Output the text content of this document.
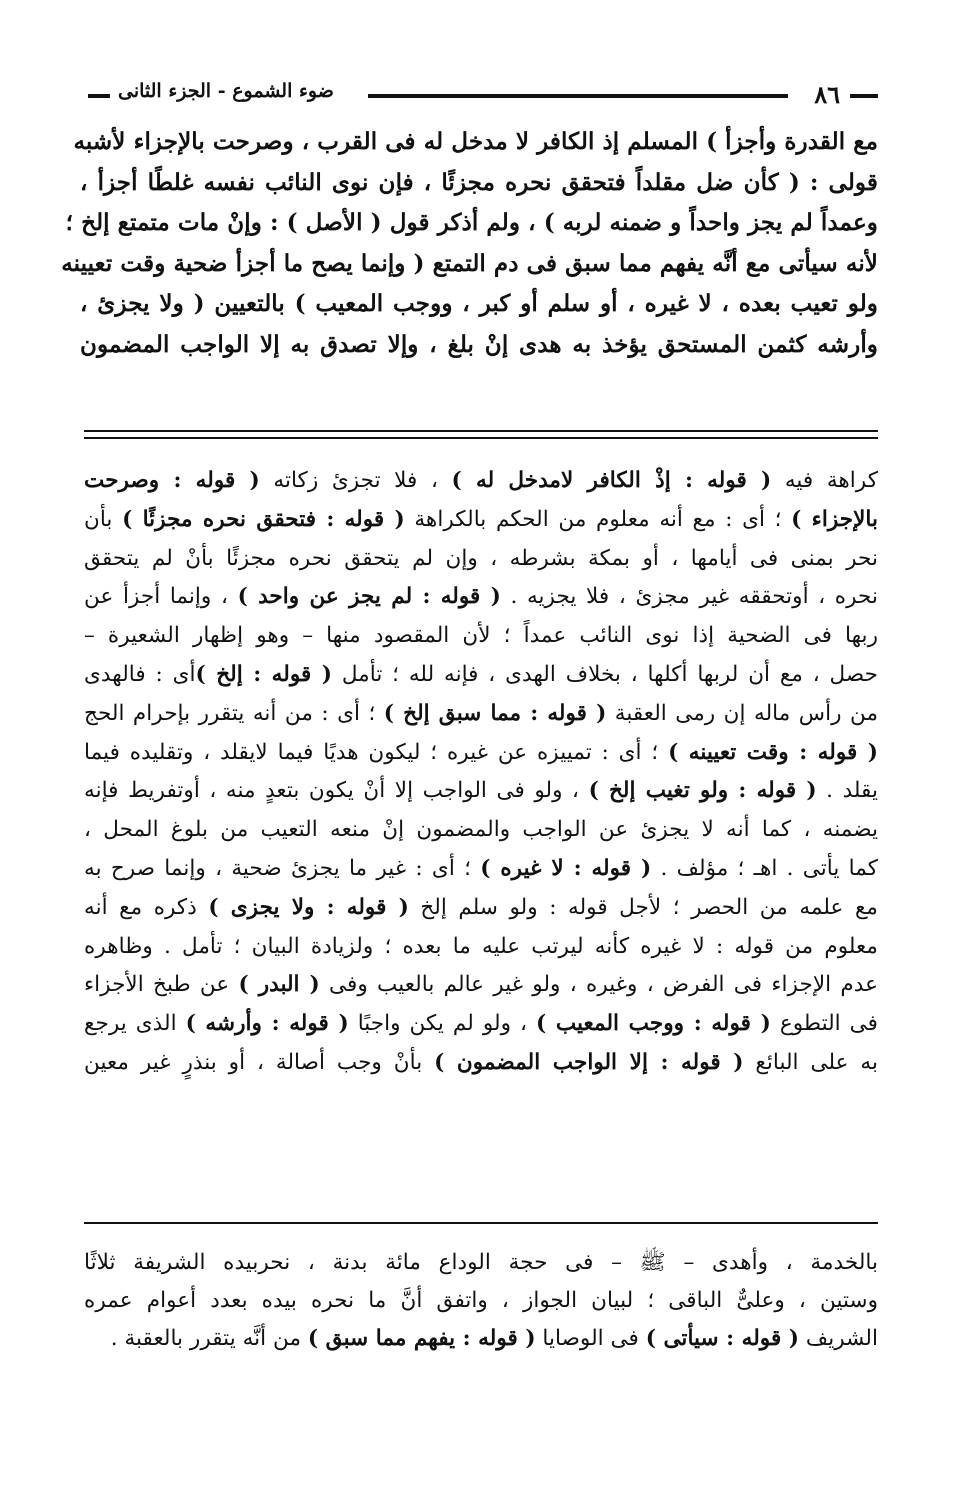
٨٦
ضوء الشموع - الجزء الثانى
مع القدرة وأجزأ ) المسلم إذ الكافر لا مدخل له فى القرب ، وصرحت بالإجزاء لأشبه
قولى : ( كأن ضل مقلداً فتحقق نحره مجزئًا ، فإن نوى النائب نفسه غلطًا أجزأ ،
وعمداً لم يجز واحداً و ضمنه لربه ) ، ولم أذكر قول ( الأصل ) : وإنْ مات متمتع إلخ ؛
لأنه سيأتى مع أنَّه يفهم مما سبق فى دم التمتع ( وإنما يصح ما أجزأ ضحية وقت تعيينه
ولو تعيب بعده ، لا غيره ، أو سلم أو كبر ، ووجب المعيب ) بالتعيين ( ولا يجزئ ،
وأرشه كثمن المستحق يؤخذ به هدى إنْ بلغ ، وإلا تصدق به إلا الواجب المضمون
كراهة فيه ( قوله : إذْ الكافر لامدخل له ) ، فلا تجزئ زكاته ( قوله : وصرحت
بالإجزاء ) ؛ أى : مع أنه معلوم من الحكم بالكراهة ( قوله : فتحقق نحره مجزئًا ) بأن
نحر بمنى فى أيامها ، أو بمكة بشرطه ، وإن لم يتحقق نحره مجزئًا بأنْ لم يتحقق
نحره ، أوتحققه غير مجزئ ، فلا يجزيه . ( قوله : لم يجز عن واحد ) ، وإنما أجزأ عن
ربها فى الضحية إذا نوى النائب عمداً ؛ لأن المقصود منها – وهو إظهار الشعيرة –
حصل ، مع أن لربها أكلها ، بخلاف الهدى ، فإنه لله ؛ تأمل ( قوله : إلخ )أى : فالهدى
من رأس ماله إن رمى العقبة ( قوله : مما سبق إلخ ) ؛ أى : من أنه يتقرر بإحرام الحج
( قوله : وقت تعيينه ) ؛ أى : تمييزه عن غيره ؛ ليكون هديًا فيما لايقلد ، وتقليده فيما
يقلد . ( قوله : ولو تغيب إلخ ) ، ولو فى الواجب إلا أنْ يكون بتعدٍ منه ، أوتفريط فإنه
يضمنه ، كما أنه لا يجزئ عن الواجب والمضمون إنْ منعه التعيب من بلوغ المحل ،
كما يأتى . اهـ ؛ مؤلف . ( قوله : لا غيره ) ؛ أى : غير ما يجزئ ضحية ، وإنما صرح به
مع علمه من الحصر ؛ لأجل قوله : ولو سلم إلخ ( قوله : ولا يجزى ) ذكره مع أنه
معلوم من قوله : لا غيره كأنه ليرتب عليه ما بعده ؛ ولزيادة البيان ؛ تأمل . وظاهره
عدم الإجزاء فى الفرض ، وغيره ، ولو غير عالم بالعيب وفى ( البدر ) عن طبخ الأجزاء
فى التطوع ( قوله : ووجب المعيب ) ، ولو لم يكن واجبًا ( قوله : وأرشه ) الذى يرجع
به على البائع ( قوله : إلا الواجب المضمون ) بأنْ وجب أصالة ، أو بنذرٍ غير معين
بالخدمة ، وأهدى – ﷺ – فى حجة الوداع مائة بدنة ، نحربيده الشريفة ثلاثًا
وستين ، وعلىٌّ الباقى ؛ لبيان الجواز ، واتفق أنَّ ما نحره بيده بعدد أعوام عمره
الشريف ( قوله : سيأتى ) فى الوصايا ( قوله : يفهم مما سبق ) من أنَّه يتقرر بالعقبة .
